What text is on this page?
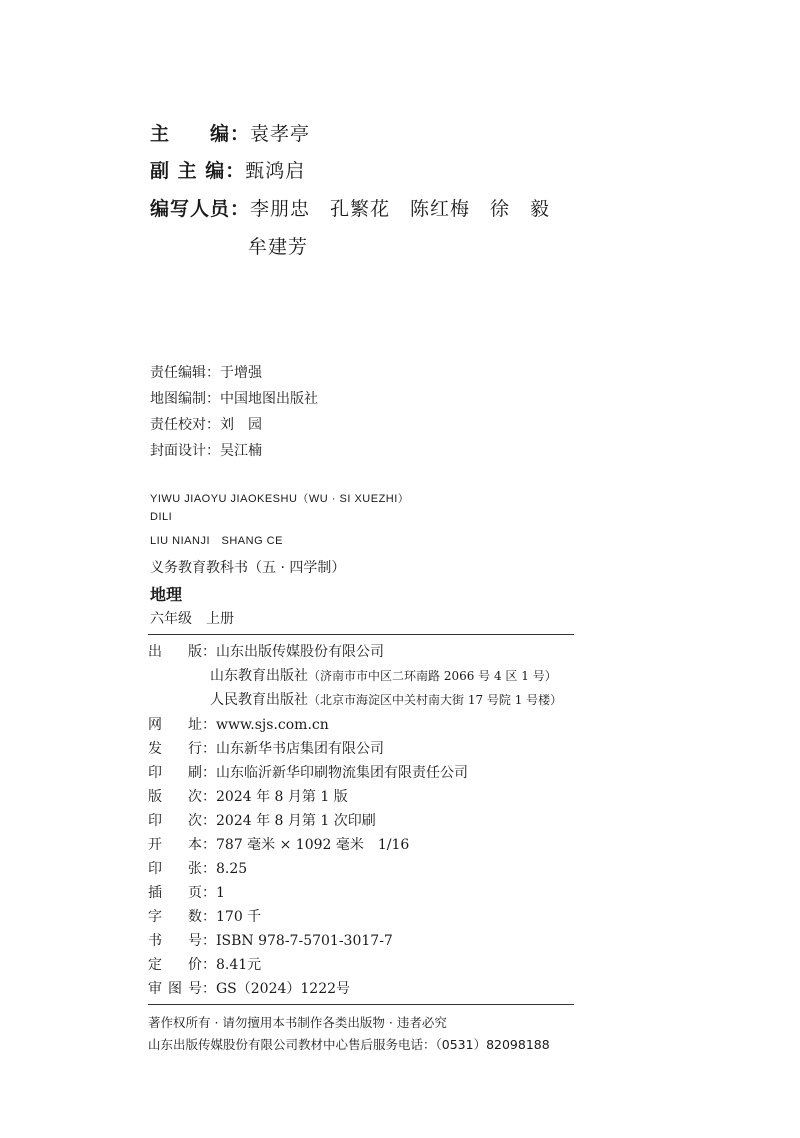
主　　编：袁孝亭
副 主 编：甄鸿启
编写人员：李朋忠　孔繁花　陈红梅　徐　毅
牟建芳
责任编辑：于增强
地图编制：中国地图出版社
责任校对：刘　园
封面设计：吴江楠
YIWU JIAOYU JIAOKESHU（WU · SI XUEZHI）
DILI
LIU NIANJI　SHANG CE
义务教育教科书（五 · 四学制）
地理
六年级　上册
出　版：山东出版传媒股份有限公司
山东教育出版社（济南市市中区二环南路 2066 号 4 区 1 号）
人民教育出版社（北京市海淀区中关村南大街 17 号院 1 号楼）
网　址：www.sjs.com.cn
发　行：山东新华书店集团有限公司
印　刷：山东临沂新华印刷物流集团有限责任公司
版　次：2024 年 8 月第 1 版
印　次：2024 年 8 月第 1 次印刷
开　本：787 毫米 × 1092 毫米　1/16
印　张：8.25
插　页：1
字　数：170 千
书　号：ISBN 978-7-5701-3017-7
定　价：8.41元
审图号：GS（2024）1222号
著作权所有 · 请勿擅用本书制作各类出版物 · 违者必究
山东出版传媒股份有限公司教材中心售后服务电话：（0531）82098188
